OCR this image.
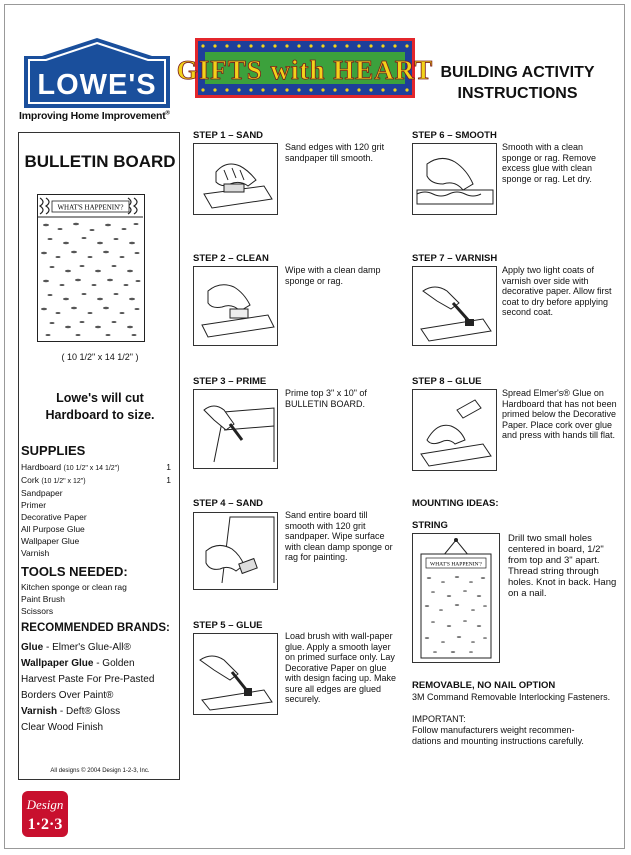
LOWE'S
Improving Home Improvement®
GIFTS with HEART BUILDING ACTIVITY
INSTRUCTIONS
BULLETIN BOARD
WHAT'S HAPPENIN'?
( 10 1/2" x 14 1/2" )
Lowe's will cut
Hardboard to size.
SUPPLIES
Hardboard (10 1/2" x 14 1/2")	1
Cork (10 1/2" x 12")	1
Sandpaper
Primer
Decorative Paper
All Purpose Glue
Wallpaper Glue
Varnish
TOOLS NEEDED:
Kitchen sponge or clean rag
Paint Brush
Scissors
RECOMMENDED BRANDS:
Glue - Elmer's Glue-All®
Wallpaper Glue - Golden
Harvest Paste For Pre-Pasted
Borders Over Paint®
Varnish - Deft® Gloss
Clear Wood Finish
All designs © 2004 Design 1-2-3, Inc.
Design
1·2·3
STEP 1 – SAND
Sand edges with 120 grit sandpaper till smooth.
STEP 2 – CLEAN
Wipe with a clean damp sponge or rag.
STEP 3 – PRIME
Prime top 3" x 10" of BULLETIN BOARD.
STEP 4 – SAND
Sand entire board till smooth with 120 grit sandpaper. Wipe surface with clean damp sponge or rag for painting.
STEP 5 – GLUE
Load brush with wall-paper glue. Apply a smooth layer on primed surface only. Lay Decorative Paper on glue with design facing up. Make sure all edges are glued securely.
STEP 6 – SMOOTH
Smooth with a clean sponge or rag. Remove excess glue with clean sponge or rag. Let dry.
STEP 7 – VARNISH
Apply two light coats of varnish over side with decorative paper. Allow first coat to dry before applying second coat.
STEP 8 – GLUE
Spread Elmer's® Glue on Hardboard that has not been primed below the Decorative Paper. Place cork over glue and press with hands till flat.
MOUNTING IDEAS:
STRING
WHAT'S HAPPENIN'?
Drill two small holes centered in board, 1/2" from top and 3" apart. Thread string through holes. Knot in back. Hang on a nail.
REMOVABLE, NO NAIL OPTION
3M Command Removable Interlocking Fasteners.
IMPORTANT:
Follow manufacturers weight recommen-dations and mounting instructions carefully.
